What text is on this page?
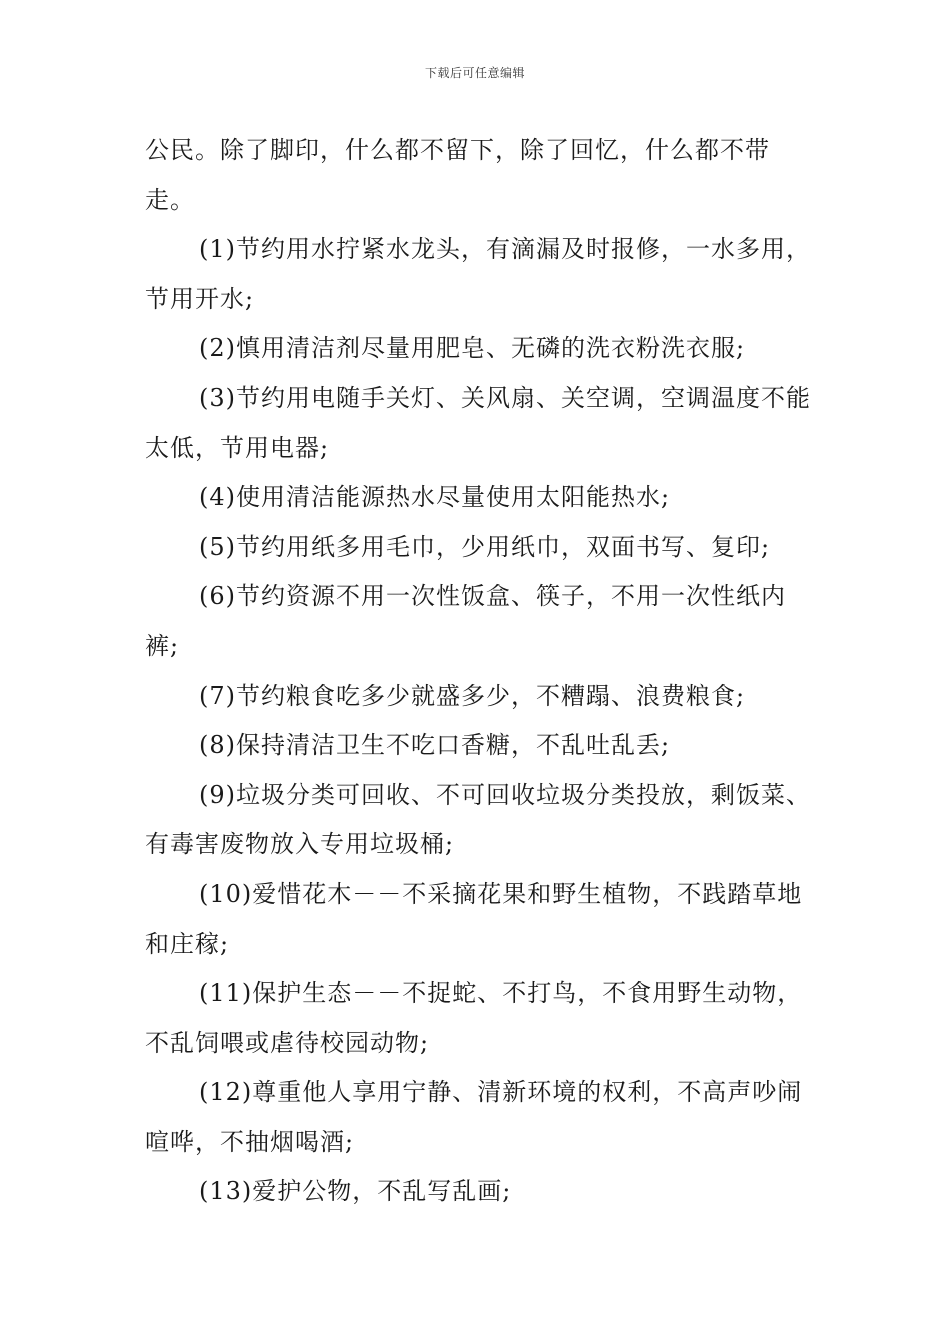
下载后可任意编辑

公民。除了脚印，什么都不留下，除了回忆，什么都不带走。

(1)节约用水拧紧水龙头，有滴漏及时报修，一水多用，节用开水;

(2)慎用清洁剂尽量用肥皂、无磷的洗衣粉洗衣服;

(3)节约用电随手关灯、关风扇、关空调，空调温度不能太低，节用电器;

(4)使用清洁能源热水尽量使用太阳能热水;

(5)节约用纸多用毛巾，少用纸巾，双面书写、复印;

(6)节约资源不用一次性饭盒、筷子，不用一次性纸内裤;

(7)节约粮食吃多少就盛多少，不糟蹋、浪费粮食;

(8)保持清洁卫生不吃口香糖，不乱吐乱丢;

(9)垃圾分类可回收、不可回收垃圾分类投放，剩饭菜、有毒害废物放入专用垃圾桶;

(10)爱惜花木－－不采摘花果和野生植物，不践踏草地和庄稼;

(11)保护生态－－不捉蛇、不打鸟，不食用野生动物，不乱饲喂或虐待校园动物;

(12)尊重他人享用宁静、清新环境的权利，不高声吵闹喧哗，不抽烟喝酒;

(13)爱护公物，不乱写乱画;
